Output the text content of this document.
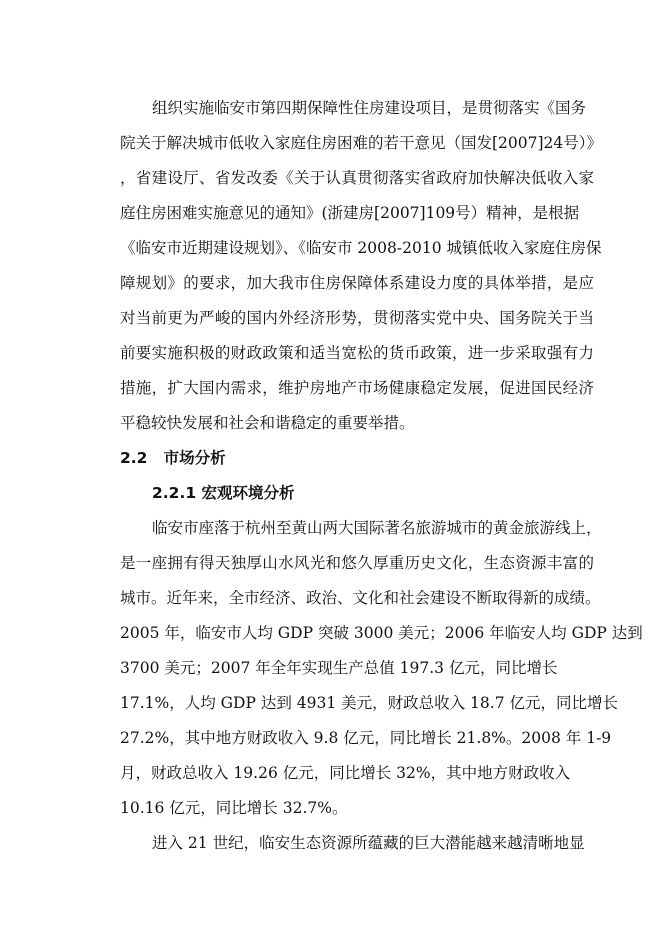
组织实施临安市第四期保障性住房建设项目，是贯彻落实《国务
院关于解决城市低收入家庭住房困难的若干意见（国发[2007]24号）》
，省建设厅、省发改委《关于认真贯彻落实省政府加快解决低收入家
庭住房困难实施意见的通知》(浙建房[2007]109号）精神，是根据
《临安市近期建设规划》、《临安市 2008-2010 城镇低收入家庭住房保
障规划》的要求，加大我市住房保障体系建设力度的具体举措，是应
对当前更为严峻的国内外经济形势，贯彻落实党中央、国务院关于当
前要实施积极的财政政策和适当宽松的货币政策，进一步采取强有力
措施，扩大国内需求，维护房地产市场健康稳定发展，促进国民经济
平稳较快发展和社会和谐稳定的重要举措。
2.2   市场分析
2.2.1 宏观环境分析
临安市座落于杭州至黄山两大国际著名旅游城市的黄金旅游线上，
是一座拥有得天独厚山水风光和悠久厚重历史文化，生态资源丰富的
城市。近年来，全市经济、政治、文化和社会建设不断取得新的成绩。
2005 年，临安市人均 GDP 突破 3000 美元；2006 年临安人均 GDP 达到
3700 美元；2007 年全年实现生产总值 197.3 亿元，同比增长
17.1%，人均 GDP 达到 4931 美元，财政总收入 18.7 亿元，同比增长
27.2%，其中地方财政收入 9.8 亿元，同比增长 21.8%。2008 年 1-9
月，财政总收入 19.26 亿元，同比增长 32%，其中地方财政收入
10.16 亿元，同比增长 32.7%。
进入 21 世纪，临安生态资源所蕴藏的巨大潜能越来越清晰地显
